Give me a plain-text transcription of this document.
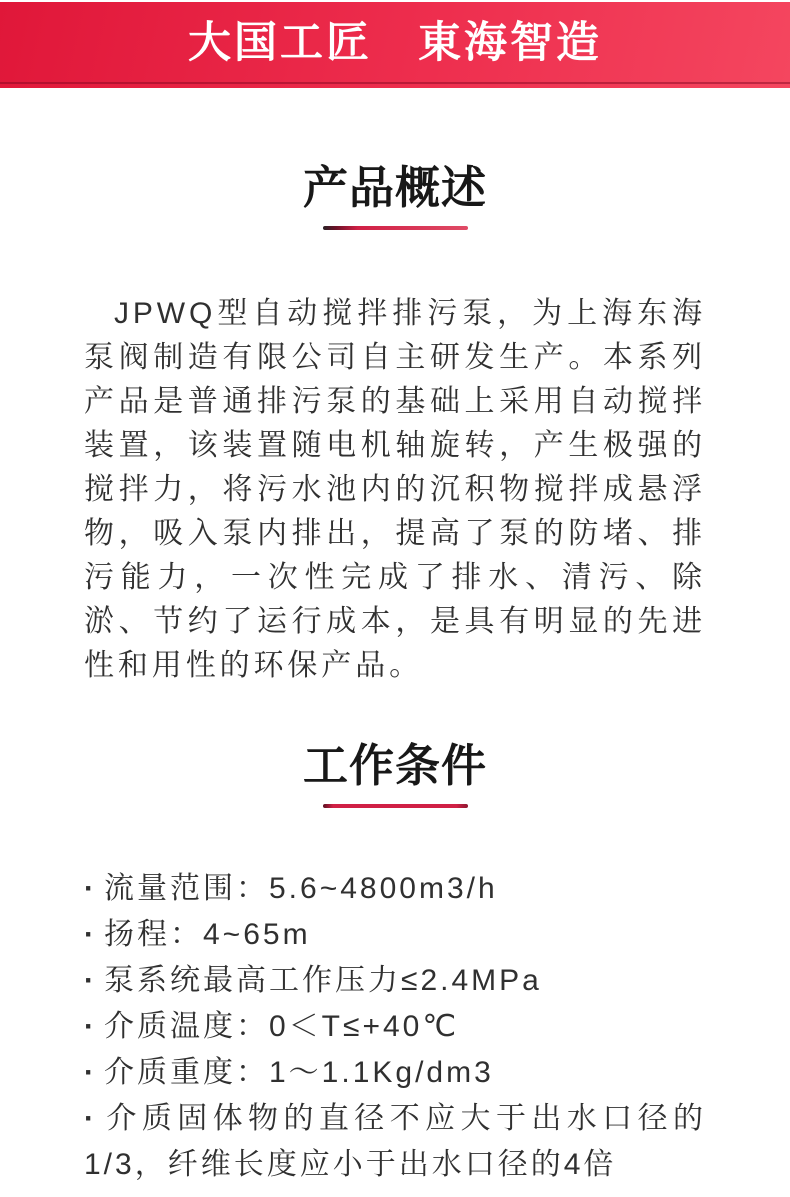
大国工匠　東海智造
产品概述

JPWQ型自动搅拌排污泵，为上海东海泵阀制造有限公司自主研发生产。本系列产品是普通排污泵的基础上采用自动搅拌装置，该装置随电机轴旋转，产生极强的搅拌力，将污水池内的沉积物搅拌成悬浮物，吸入泵内排出，提高了泵的防堵、排污能力，一次性完成了排水、清污、除淤、节约了运行成本，是具有明显的先进性和用性的环保产品。

工作条件
· 流量范围：5.6~4800m3/h
· 扬程：4~65m
· 泵系统最高工作压力≤2.4MPa
· 介质温度：0＜T≤+40℃
· 介质重度：1～1.1Kg/dm3
· 介质固体物的直径不应大于出水口径的1/3，纤维长度应小于出水口径的4倍
